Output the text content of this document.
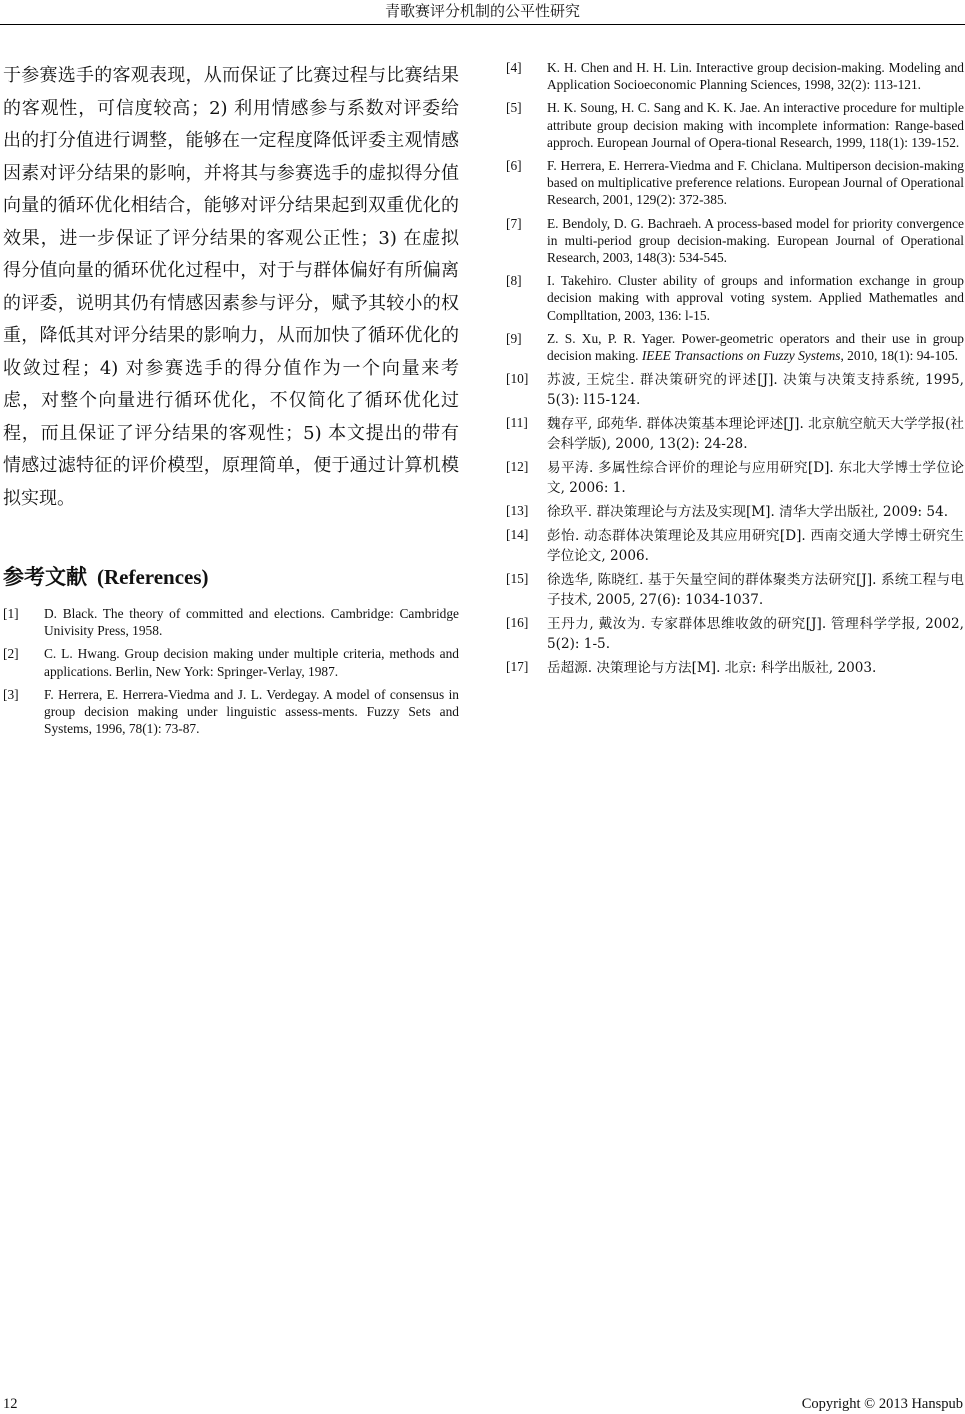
青歌赛评分机制的公平性研究

于参赛选手的客观表现，从而保证了比赛过程与比赛结果的客观性，可信度较高；2) 利用情感参与系数对评委给出的打分值进行调整，能够在一定程度降低评委主观情感因素对评分结果的影响，并将其与参赛选手的虚拟得分值向量的循环优化相结合，能够对评分结果起到双重优化的效果，进一步保证了评分结果的客观公正性；3) 在虚拟得分值向量的循环优化过程中，对于与群体偏好有所偏离的评委，说明其仍有情感因素参与评分，赋予其较小的权重，降低其对评分结果的影响力，从而加快了循环优化的收敛过程；4) 对参赛选手的得分值作为一个向量来考虑，对整个向量进行循环优化，不仅简化了循环优化过程，而且保证了评分结果的客观性；5) 本文提出的带有情感过滤特征的评价模型，原理简单，便于通过计算机模拟实现。

参考文献 (References)
[1]	D. Black. The theory of committed and elections. Cambridge: Cambridge Univisity Press, 1958.
[2]	C. L. Hwang. Group decision making under multiple criteria, methods and applications. Berlin, New York: Springer-Verlay, 1987.
[3]	F. Herrera, E. Herrera-Viedma and J. L. Verdegay. A model of consensus in group decision making under linguistic assess-ments. Fuzzy Sets and Systems, 1996, 78(1): 73-87.
[4]	K. H. Chen and H. H. Lin. Interactive group decision-making. Modeling and Application Socioeconomic Planning Sciences, 1998, 32(2): 113-121.
[5]	H. K. Soung, H. C. Sang and K. K. Jae. An interactive procedure for multiple attribute group decision making with incomplete information: Range-based approch. European Journal of Opera-tional Research, 1999, 118(1): 139-152.
[6]	F. Herrera, E. Herrera-Viedma and F. Chiclana. Multiperson decision-making based on multiplicative preference relations. European Journal of Operational Research, 2001, 129(2): 372-385.
[7]	E. Bendoly, D. G. Bachraeh. A process-based model for priority convergence in multi-period group decision-making. European Journal of Operational Research, 2003, 148(3): 534-545.
[8]	I. Takehiro. Cluster ability of groups and information exchange in group decision making with approval voting system. Applied Mathematles and Complltation, 2003, 136: l-15.
[9]	Z. S. Xu, P. R. Yager. Power-geometric operators and their use in group decision making. IEEE Transactions on Fuzzy Systems, 2010, 18(1): 94-105.
[10]	苏波, 王烷尘. 群决策研究的评述[J]. 决策与决策支持系统, 1995, 5(3): l15-124.
[11]	魏存平, 邱苑华. 群体决策基本理论评述[J]. 北京航空航天大学学报(社会科学版), 2000, 13(2): 24-28.
[12]	易平涛. 多属性综合评价的理论与应用研究[D]. 东北大学博士学位论文, 2006: 1.
[13]	徐玖平. 群决策理论与方法及实现[M]. 清华大学出版社, 2009: 54.
[14]	彭怡. 动态群体决策理论及其应用研究[D]. 西南交通大学博士研究生学位论文, 2006.
[15]	徐选华, 陈晓红. 基于矢量空间的群体聚类方法研究[J]. 系统工程与电子技术, 2005, 27(6): 1034-1037.
[16]	王丹力, 戴汝为. 专家群体思维收敛的研究[J]. 管理科学学报, 2002, 5(2): 1-5.
[17]	岳超源. 决策理论与方法[M]. 北京: 科学出版社, 2003.
12	Copyright © 2013 Hanspub
